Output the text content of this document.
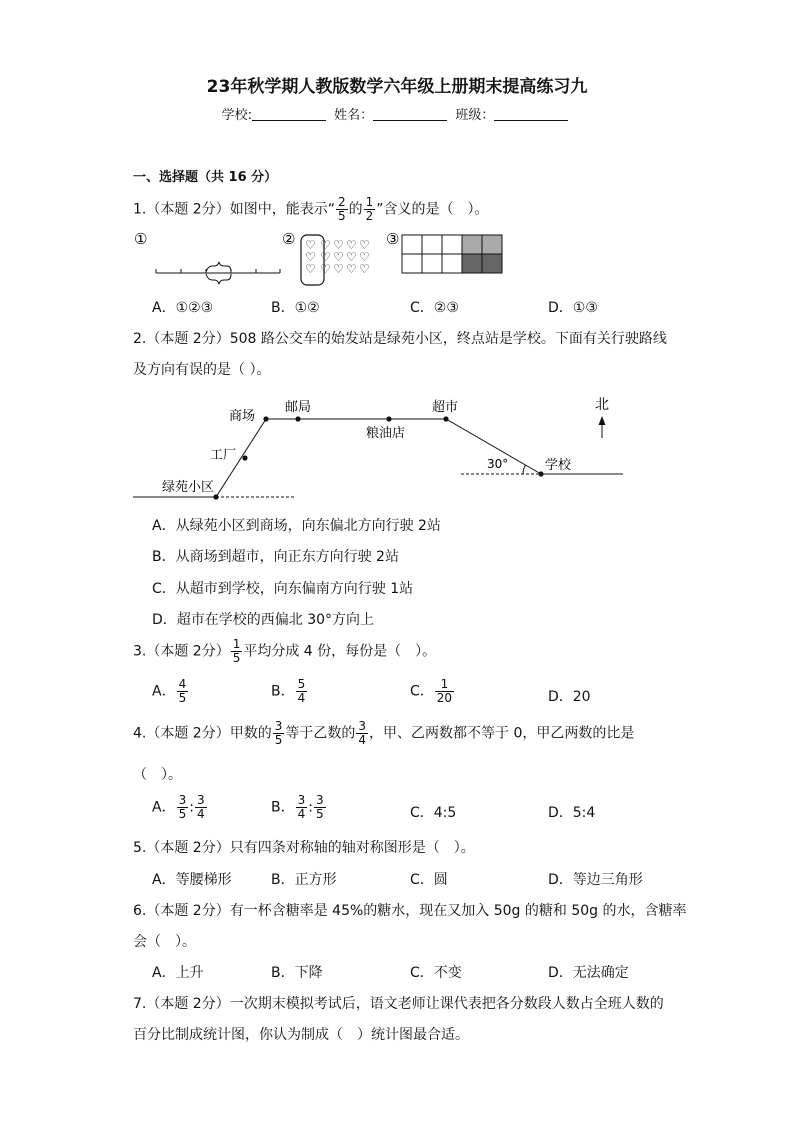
23年秋学期人教版数学六年级上册期末提高练习九
学校:	姓名：	班级：
一、选择题（共 16 分）
1.（本题 2分）如图中，能表示“ $\frac{2}{5}$ 的 $\frac{1}{2}$ ”含义的是（　）。
①	② ♡
♡
♡
♡
♡
♡
♡
♡
♡
♡
♡
♡
♡
♡
♡
③
A．①②③	B．①②	C．②③	D．①③
2.（本题 2分）508 路公交车的始发站是绿苑小区，终点站是学校。下面有关行驶路线
及方向有误的是（ ）。
商场
邮局	超市
粮油店
工厂
绿苑小区
学校
30°
北
A．从绿苑小区到商场，向东偏北方向行驶 2站
B．从商场到超市，向正东方向行驶 2站
C．从超市到学校，向东偏南方向行驶 1站
D．超市在学校的西偏北 30°方向上
3.（本题 2分） $\frac{1}{5}$ 平均分成 4 份，每份是（　）。
A． $\frac{4}{5}$	B． $\frac{5}{4}$	C． $\frac{1}{20}$	D．20
4.（本题 2分）甲数的 $\frac{3}{5}$ 等于乙数的 $\frac{3}{4}$ ，甲、乙两数都不等于 0，甲乙两数的比是
（　）。
A． $\frac{3}{5}$ : $\frac{3}{4}$	B． $\frac{3}{4}$ : $\frac{3}{5}$	C．4:5	D．5:4
5.（本题 2分）只有四条对称轴的轴对称图形是（　）。
A．等腰梯形	B．正方形	C．圆	D．等边三角形
6.（本题 2分）有一杯含糖率是 45%的糖水，现在又加入 50g 的糖和 50g 的水，含糖率
会（　）。
A．上升	B．下降	C．不变	D．无法确定
7.（本题 2分）一次期末模拟考试后，语文老师让课代表把各分数段人数占全班人数的
百分比制成统计图，你认为制成（　）统计图最合适。
